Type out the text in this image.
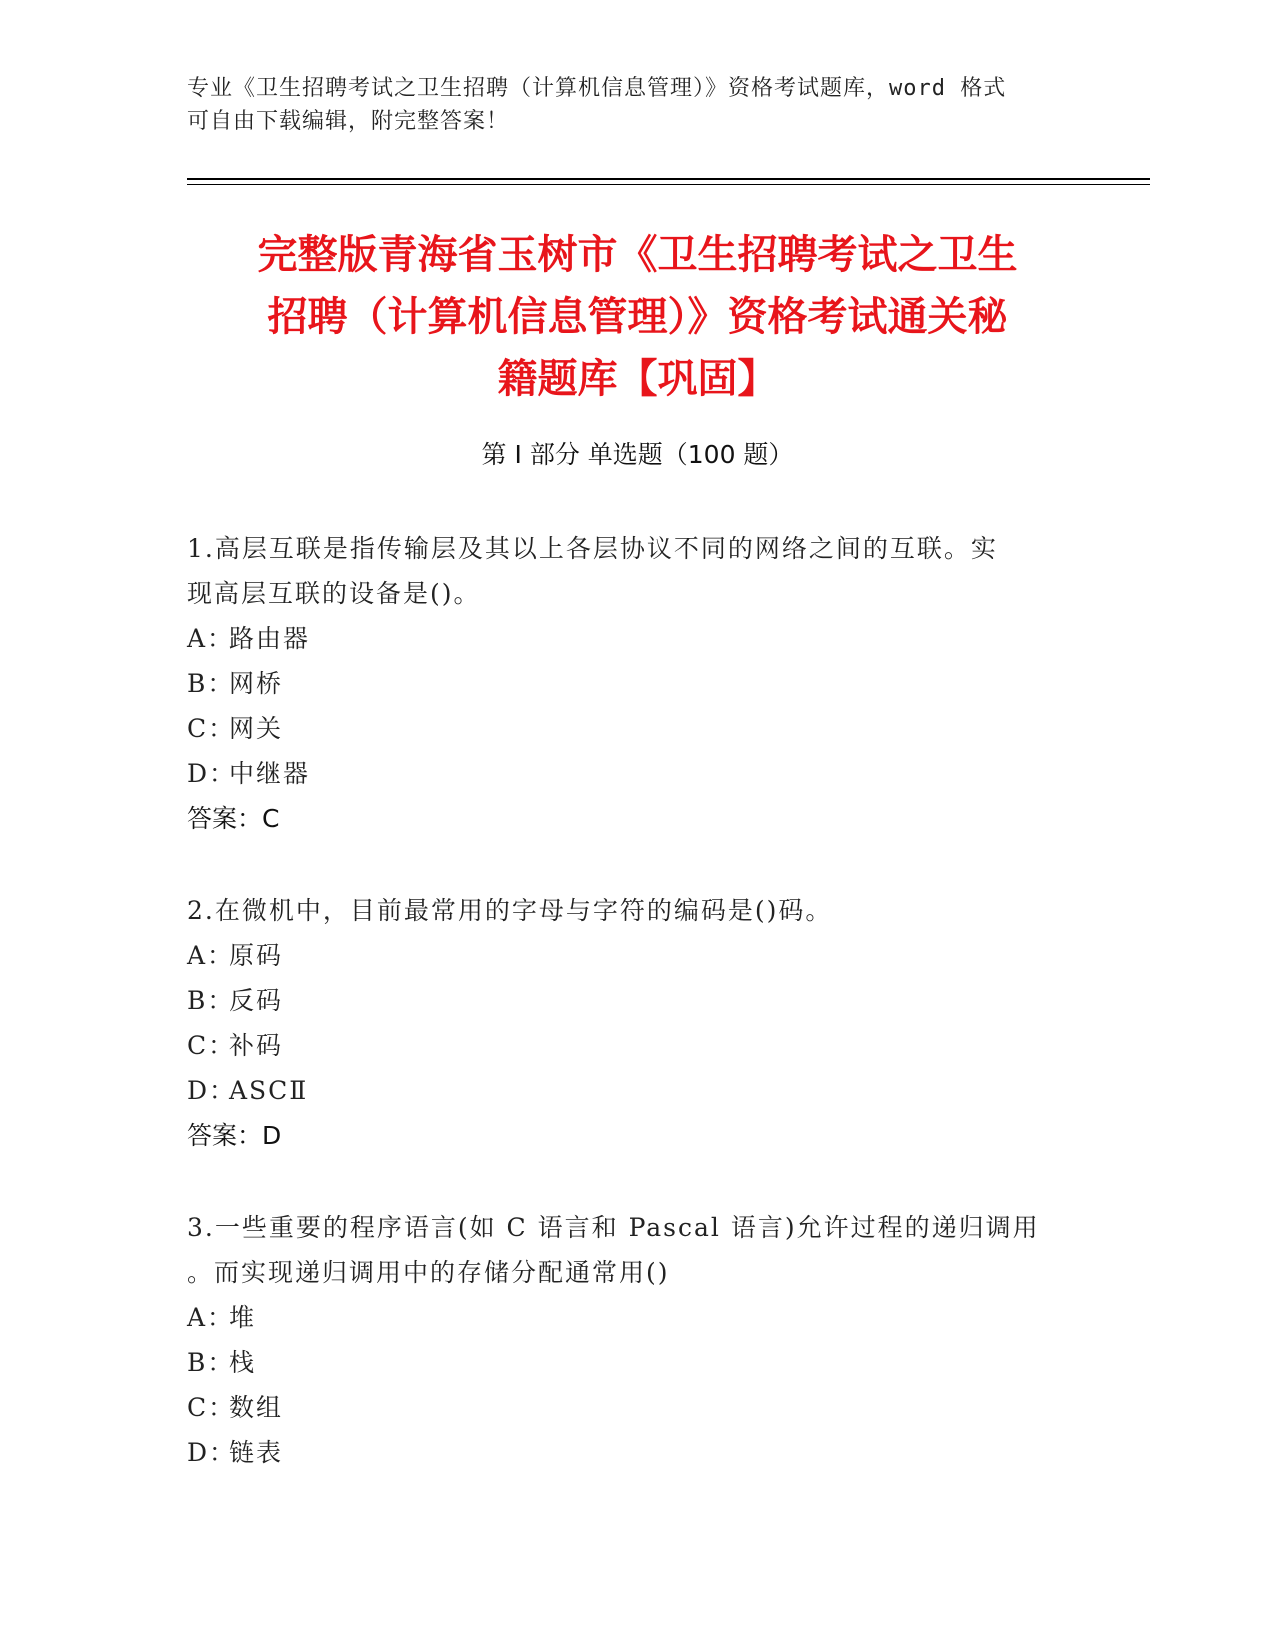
专业《卫生招聘考试之卫生招聘（计算机信息管理）》资格考试题库，word 格式
可自由下载编辑，附完整答案！
完整版青海省玉树市《卫生招聘考试之卫生
招聘（计算机信息管理）》资格考试通关秘
籍题库【巩固】
第 I 部分 单选题（100 题）
1.高层互联是指传输层及其以上各层协议不同的网络之间的互联。实
现高层互联的设备是()。
A：路由器
B：网桥
C：网关
D：中继器
答案：C
2.在微机中，目前最常用的字母与字符的编码是()码。
A：原码
B：反码
C：补码
D：ASCⅡ
答案：D
3.一些重要的程序语言(如 C 语言和 Pascal 语言)允许过程的递归调用
。而实现递归调用中的存储分配通常用()
A：堆
B：栈
C：数组
D：链表
